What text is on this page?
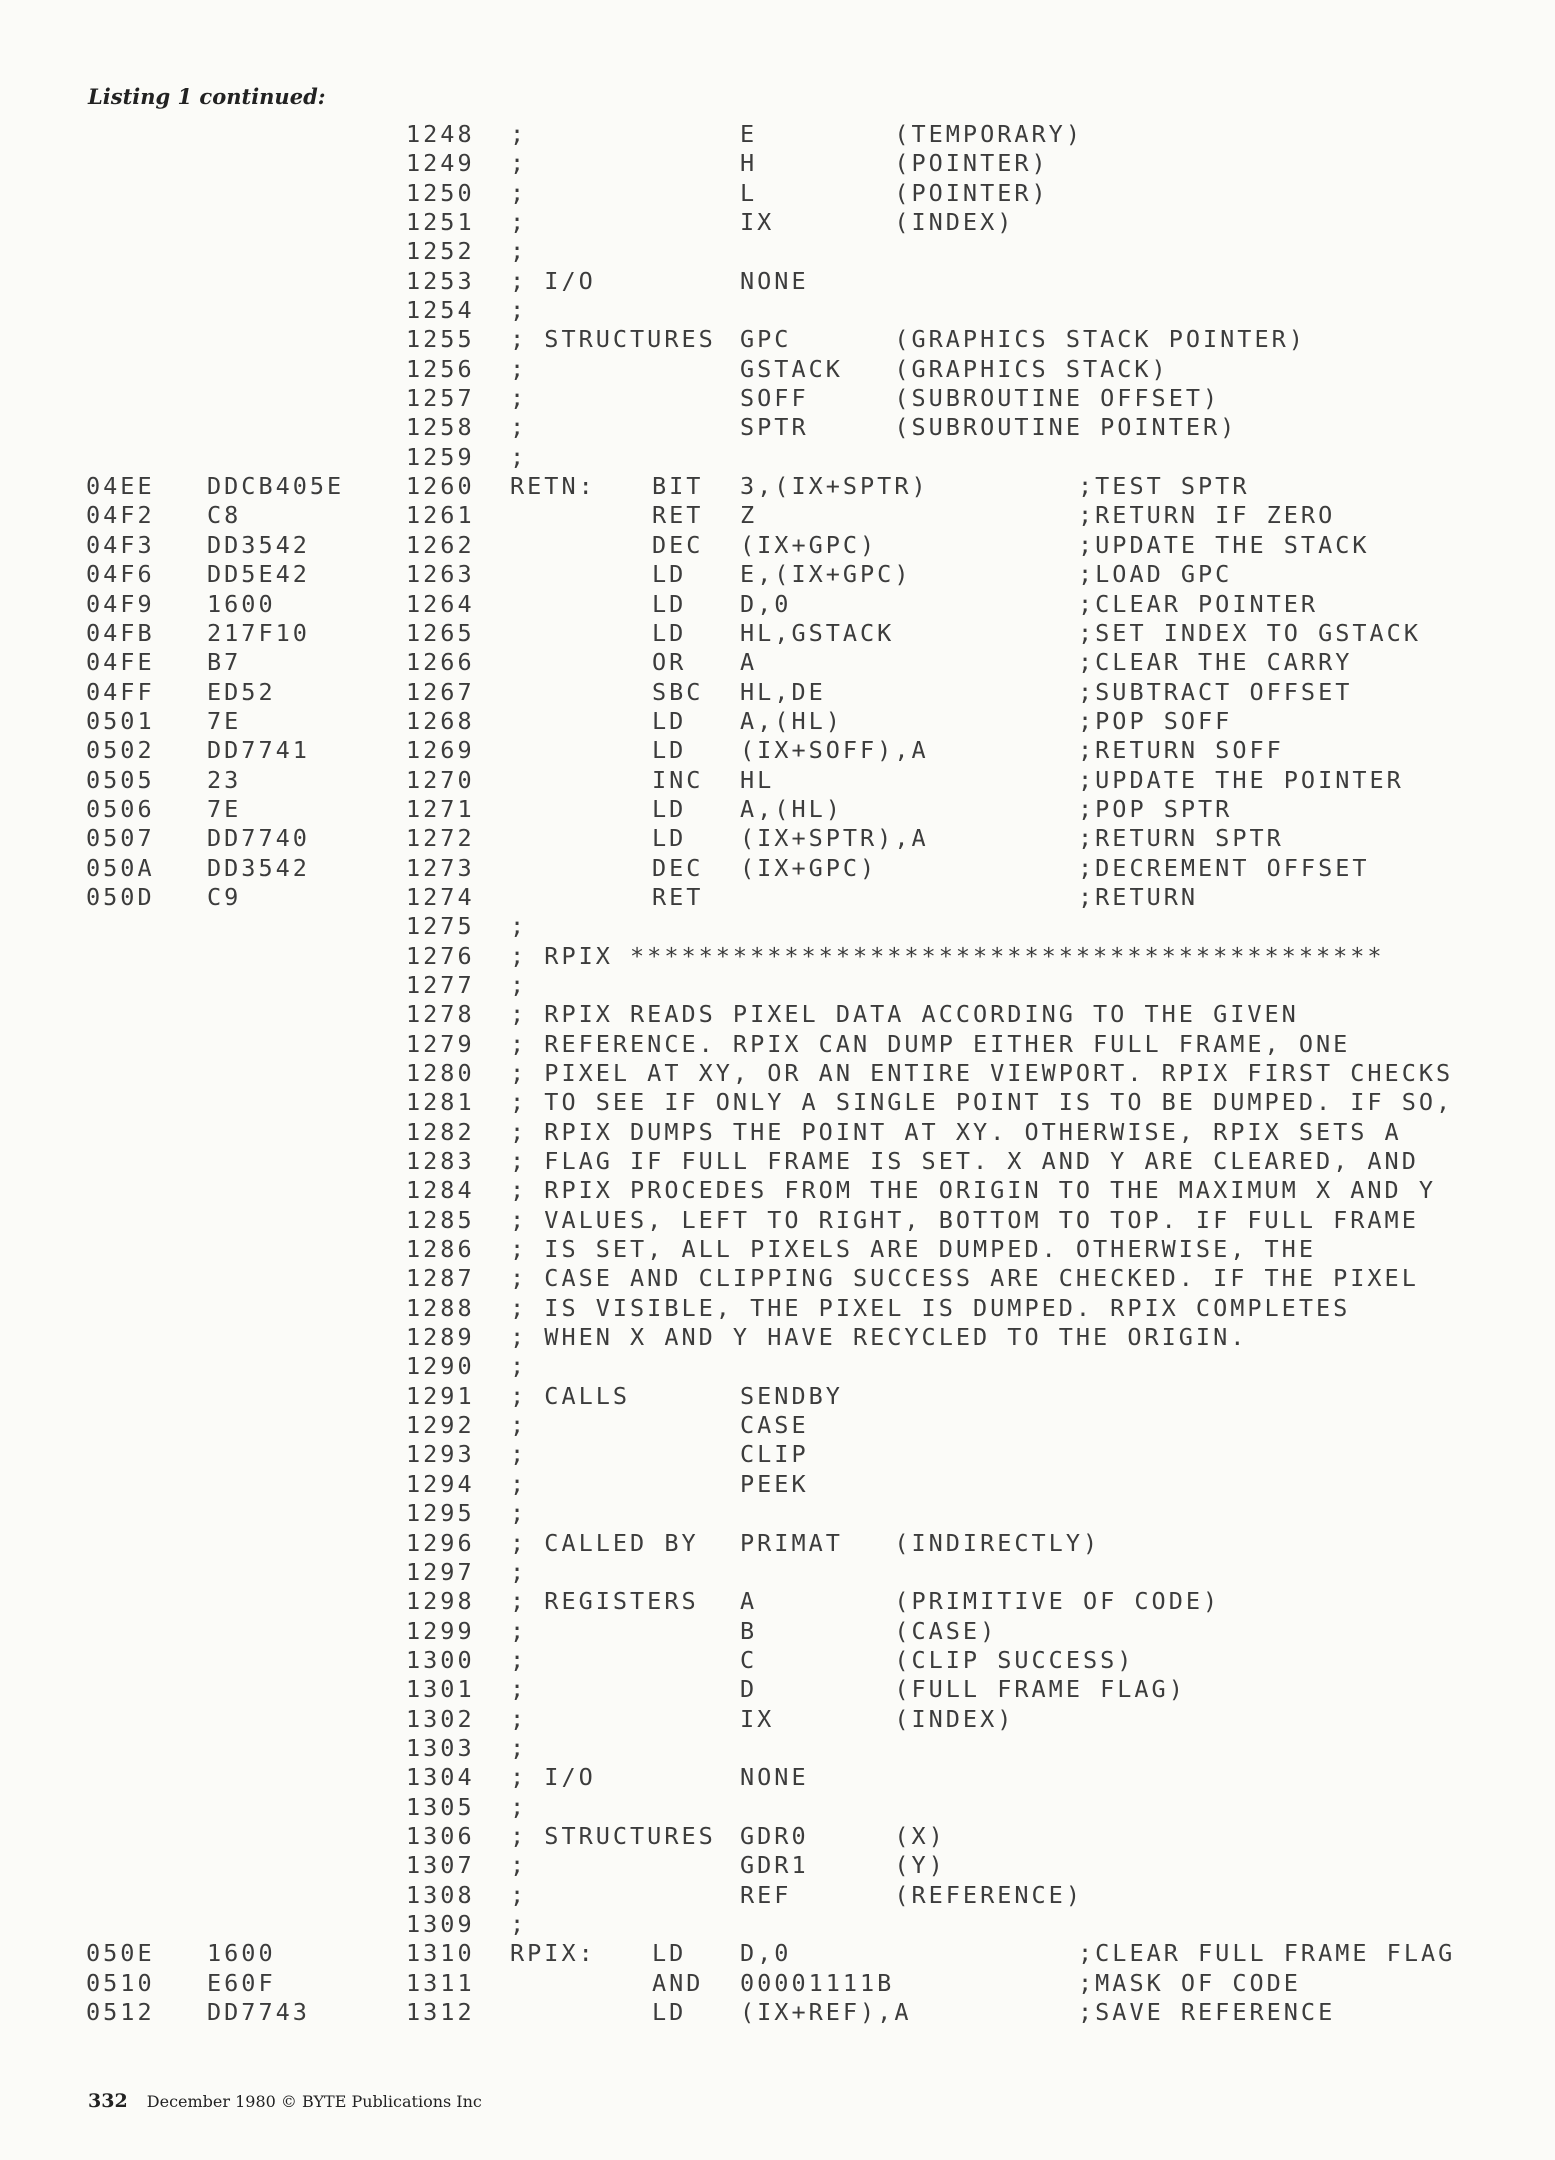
Listing 1 continued:
1248 ;	E        (TEMPORARY)
1249 ;	H        (POINTER)
1250 ;	L        (POINTER)
1251 ;	IX       (INDEX)
1252 ;
1253 ; I/O	NONE
1254 ;
1255 ; STRUCTURES GPC      (GRAPHICS STACK POINTER)
1256 ;	GSTACK   (GRAPHICS STACK)
1257 ;	SOFF     (SUBROUTINE OFFSET)
1258 ;	SPTR     (SUBROUTINE POINTER)
1259 ;
04EE DDCB405E	1260 RETN: BIT 3,(IX+SPTR)	;TEST SPTR
04F2 C8	1261	RET Z	;RETURN IF ZERO
04F3 DD3542	1262	DEC (IX+GPC)	;UPDATE THE STACK
04F6 DD5E42	1263	LD E,(IX+GPC)	;LOAD GPC
04F9 1600	1264	LD D,0	;CLEAR POINTER
04FB 217F10	1265	LD HL,GSTACK	;SET INDEX TO GSTACK
04FE B7	1266	OR A	;CLEAR THE CARRY
04FF ED52	1267	SBC HL,DE	;SUBTRACT OFFSET
0501 7E	1268	LD A,(HL)	;POP SOFF
0502 DD7741	1269	LD (IX+SOFF),A	;RETURN SOFF
0505 23	1270	INC HL	;UPDATE THE POINTER
0506 7E	1271	LD A,(HL)	;POP SPTR
0507 DD7740	1272	LD (IX+SPTR),A	;RETURN SPTR
050A DD3542	1273	DEC (IX+GPC)	;DECREMENT OFFSET
050D C9	1274	RET	;RETURN
1275 ;
1276 ; RPIX ********************************************
1277 ;
1278 ; RPIX READS PIXEL DATA ACCORDING TO THE GIVEN
1279 ; REFERENCE. RPIX CAN DUMP EITHER FULL FRAME, ONE
1280 ; PIXEL AT XY, OR AN ENTIRE VIEWPORT. RPIX FIRST CHECKS
1281 ; TO SEE IF ONLY A SINGLE POINT IS TO BE DUMPED. IF SO,
1282 ; RPIX DUMPS THE POINT AT XY. OTHERWISE, RPIX SETS A
1283 ; FLAG IF FULL FRAME IS SET. X AND Y ARE CLEARED, AND
1284 ; RPIX PROCEDES FROM THE ORIGIN TO THE MAXIMUM X AND Y
1285 ; VALUES, LEFT TO RIGHT, BOTTOM TO TOP. IF FULL FRAME
1286 ; IS SET, ALL PIXELS ARE DUMPED. OTHERWISE, THE
1287 ; CASE AND CLIPPING SUCCESS ARE CHECKED. IF THE PIXEL
1288 ; IS VISIBLE, THE PIXEL IS DUMPED. RPIX COMPLETES
1289 ; WHEN X AND Y HAVE RECYCLED TO THE ORIGIN.
1290 ;
1291 ; CALLS	SENDBY
1292 ;	CASE
1293 ;	CLIP
1294 ;	PEEK
1295 ;
1296 ; CALLED BY PRIMAT   (INDIRECTLY)
1297 ;
1298 ; REGISTERS A        (PRIMITIVE OF CODE)
1299 ;	B        (CASE)
1300 ;	C        (CLIP SUCCESS)
1301 ;	D        (FULL FRAME FLAG)
1302 ;	IX       (INDEX)
1303 ;
1304 ; I/O	NONE
1305 ;
1306 ; STRUCTURES GDR0     (X)
1307 ;	GDR1     (Y)
1308 ;	REF      (REFERENCE)
1309 ;
050E 1600	1310 RPIX: LD D,0	;CLEAR FULL FRAME FLAG
0510 E60F	1311	AND 00001111B	;MASK OF CODE
0512 DD7743	1312	LD (IX+REF),A	;SAVE REFERENCE
332 December 1980 © BYTE Publications Inc
